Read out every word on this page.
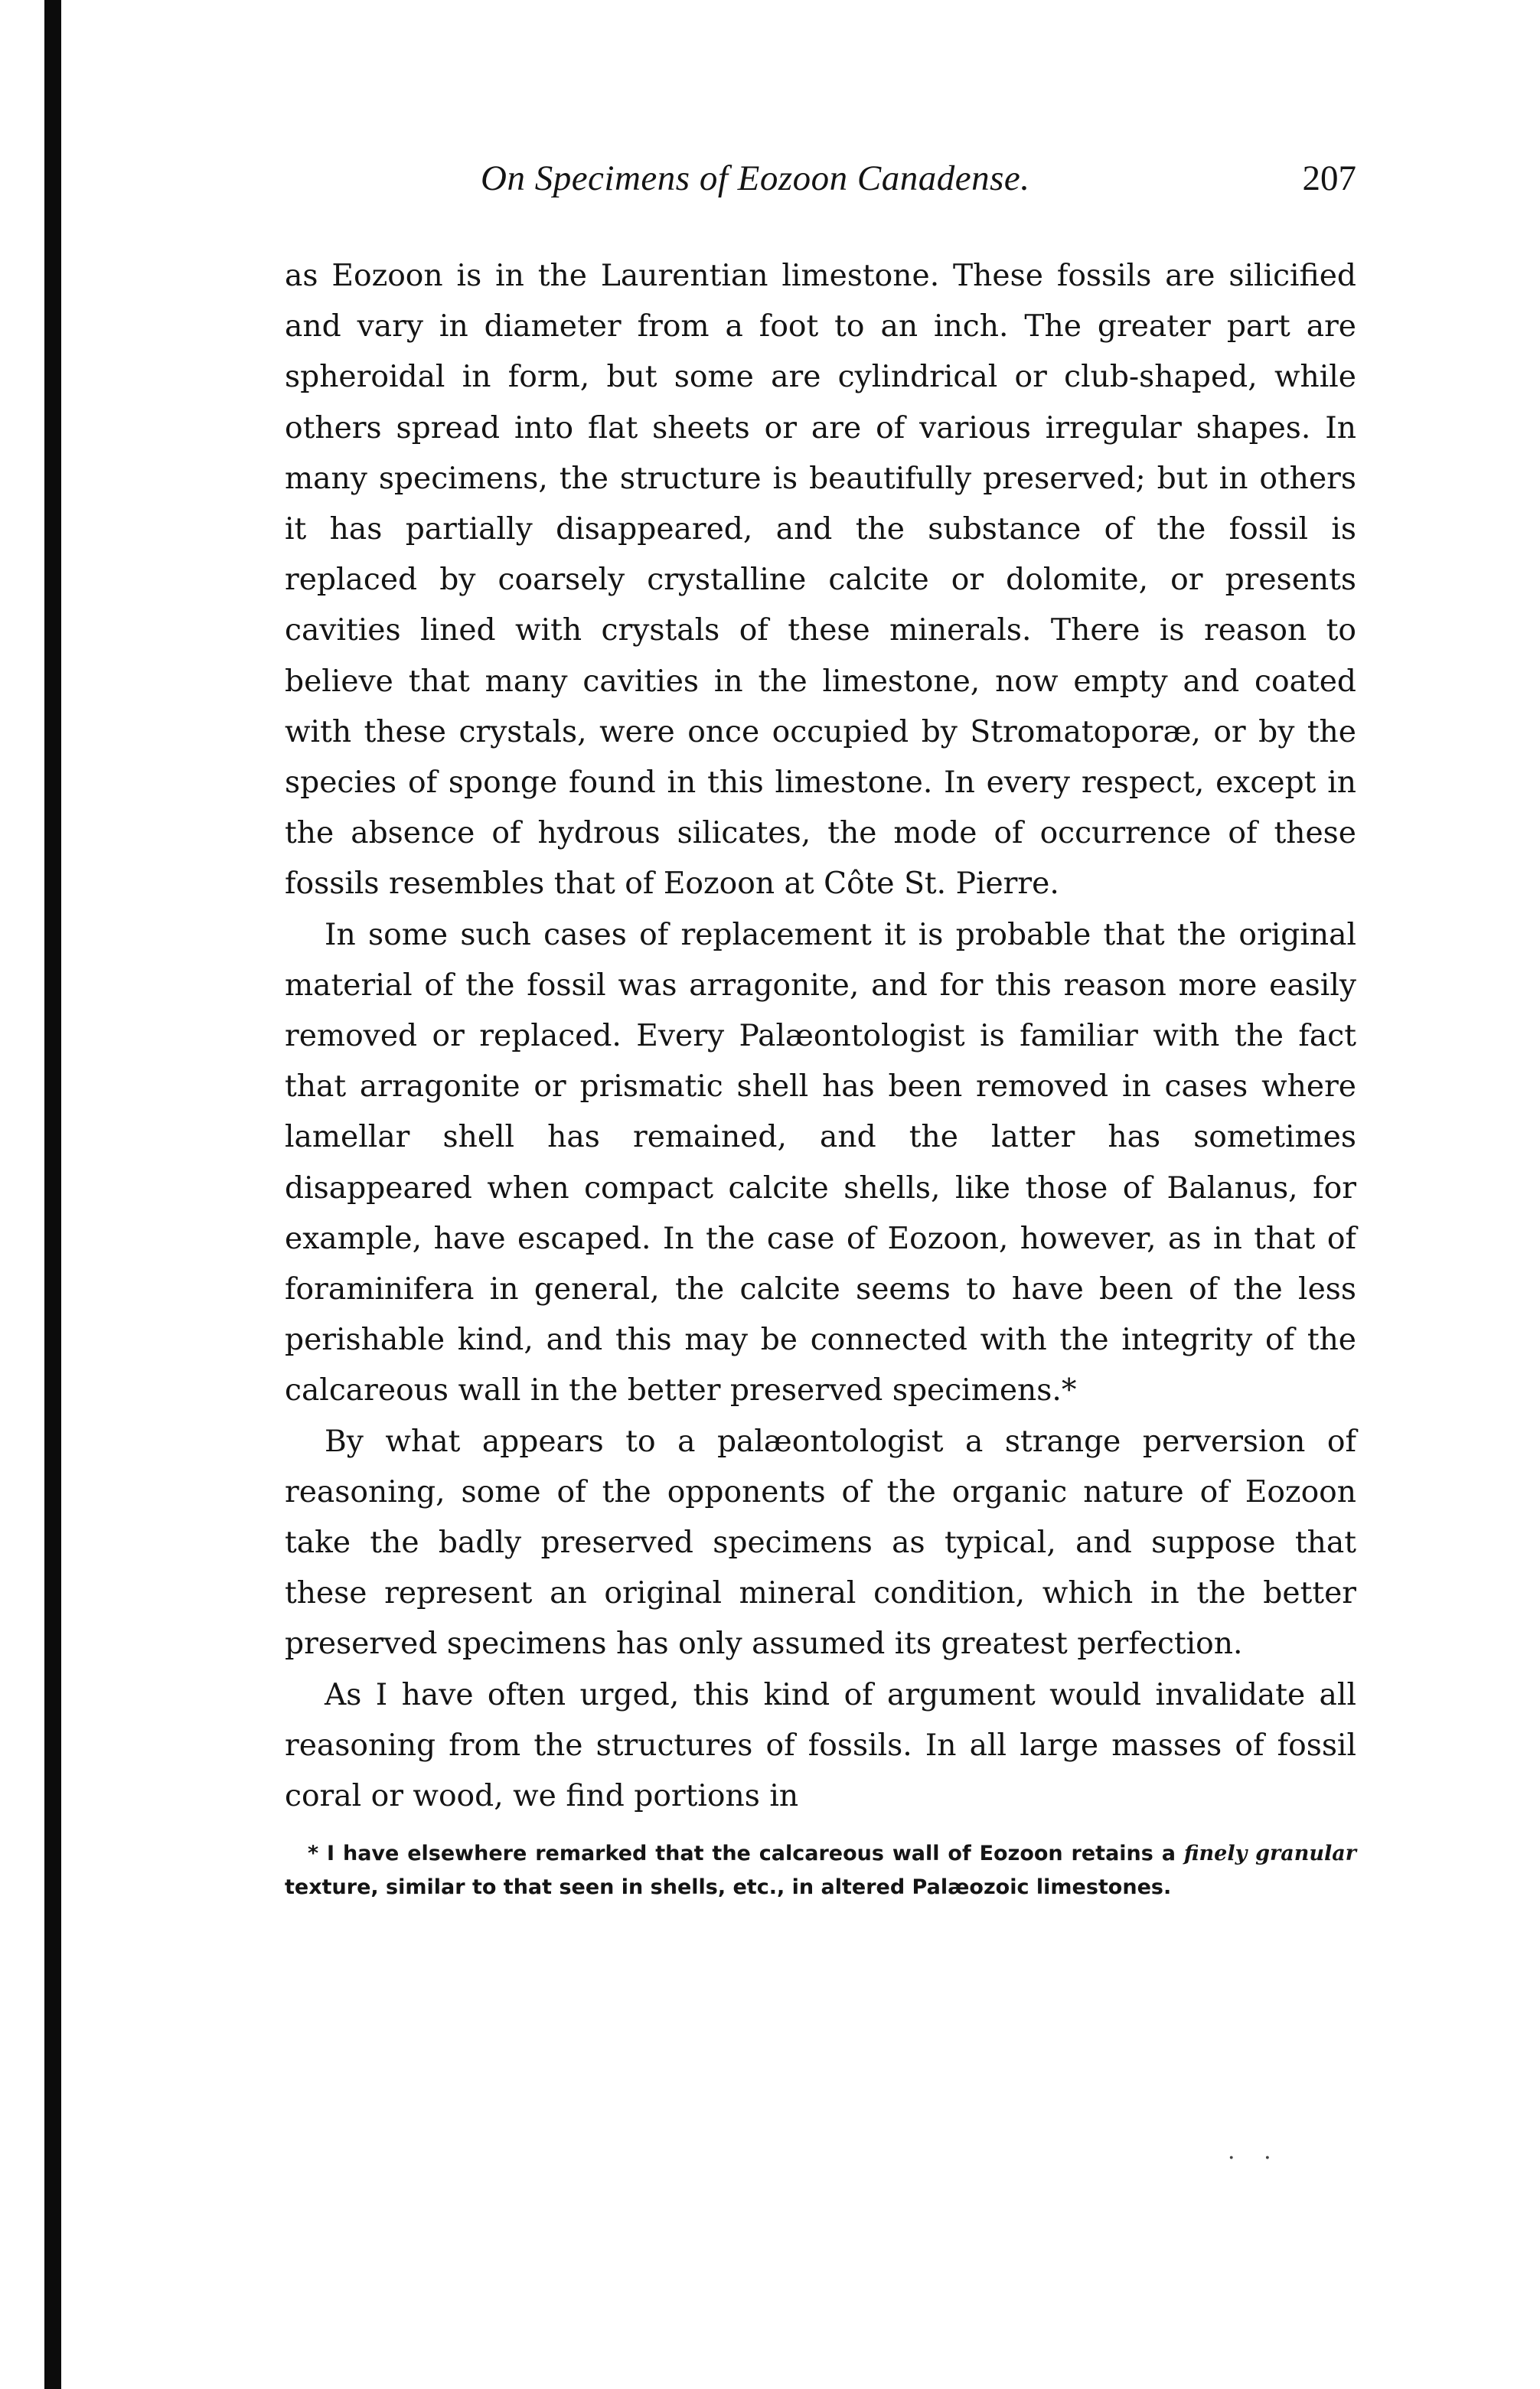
On Specimens of Eozoon Canadense.	207

as Eozoon is in the Laurentian limestone. These fossils are silicified and vary in diameter from a foot to an inch. The greater part are spheroidal in form, but some are cylindrical or club-shaped, while others spread into flat sheets or are of various irregular shapes. In many specimens, the structure is beautifully preserved; but in others it has partially disappeared, and the substance of the fossil is replaced by coarsely crystalline calcite or dolomite, or presents cavities lined with crystals of these minerals. There is reason to believe that many cavities in the limestone, now empty and coated with these crystals, were once occupied by Stromatoporæ, or by the species of sponge found in this limestone. In every respect, except in the absence of hydrous silicates, the mode of occurrence of these fossils resembles that of Eozoon at Côte St. Pierre.

In some such cases of replacement it is probable that the original material of the fossil was arragonite, and for this reason more easily removed or replaced. Every Palæontologist is familiar with the fact that arragonite or prismatic shell has been removed in cases where lamellar shell has remained, and the latter has sometimes disappeared when compact calcite shells, like those of Balanus, for example, have escaped. In the case of Eozoon, however, as in that of foraminifera in general, the calcite seems to have been of the less perishable kind, and this may be connected with the integrity of the calcareous wall in the better preserved specimens.*

By what appears to a palæontologist a strange perversion of reasoning, some of the opponents of the organic nature of Eozoon take the badly preserved specimens as typical, and suppose that these represent an original mineral condition, which in the better preserved specimens has only assumed its greatest perfection.

As I have often urged, this kind of argument would invalidate all reasoning from the structures of fossils. In all large masses of fossil coral or wood, we find portions in

* I have elsewhere remarked that the calcareous wall of Eozoon retains a finely granular texture, similar to that seen in shells, etc., in altered Palæozoic limestones.
· ·
